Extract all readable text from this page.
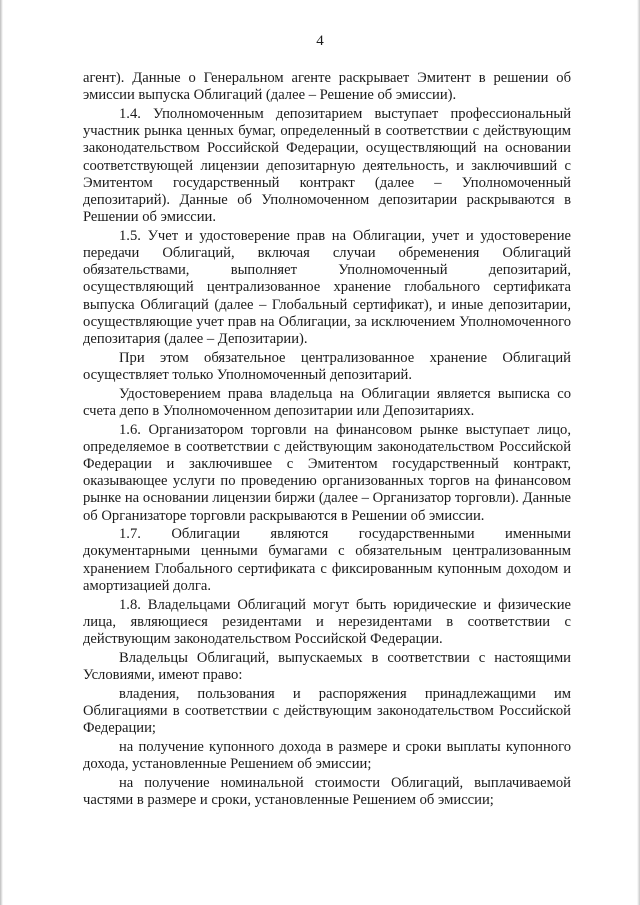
4

агент). Данные о Генеральном агенте раскрывает Эмитент в решении об эмиссии выпуска Облигаций (далее – Решение об эмиссии).

1.4. Уполномоченным депозитарием выступает профессиональный участник рынка ценных бумаг, определенный в соответствии с действующим законодательством Российской Федерации, осуществляющий на основании соответствующей лицензии депозитарную деятельность, и заключивший с Эмитентом государственный контракт (далее – Уполномоченный депозитарий). Данные об Уполномоченном депозитарии раскрываются в Решении об эмиссии.

1.5. Учет и удостоверение прав на Облигации, учет и удостоверение передачи Облигаций, включая случаи обременения Облигаций обязательствами, выполняет Уполномоченный депозитарий, осуществляющий централизованное хранение глобального сертификата выпуска Облигаций (далее – Глобальный сертификат), и иные депозитарии, осуществляющие учет прав на Облигации, за исключением Уполномоченного депозитария (далее – Депозитарии).

При этом обязательное централизованное хранение Облигаций осуществляет только Уполномоченный депозитарий.

Удостоверением права владельца на Облигации является выписка со счета депо в Уполномоченном депозитарии или Депозитариях.

1.6. Организатором торговли на финансовом рынке выступает лицо, определяемое в соответствии с действующим законодательством Российской Федерации и заключившее с Эмитентом государственный контракт, оказывающее услуги по проведению организованных торгов на финансовом рынке на основании лицензии биржи (далее – Организатор торговли). Данные об Организаторе торговли раскрываются в Решении об эмиссии.

1.7. Облигации являются государственными именными документарными ценными бумагами с обязательным централизованным хранением Глобального сертификата с фиксированным купонным доходом и амортизацией долга.

1.8. Владельцами Облигаций могут быть юридические и физические лица, являющиеся резидентами и нерезидентами в соответствии с действующим законодательством Российской Федерации.

Владельцы Облигаций, выпускаемых в соответствии с настоящими Условиями, имеют право:

владения, пользования и распоряжения принадлежащими им Облигациями в соответствии с действующим законодательством Российской Федерации;

на получение купонного дохода в размере и сроки выплаты купонного дохода, установленные Решением об эмиссии;

на получение номинальной стоимости Облигаций, выплачиваемой частями в размере и сроки, установленные Решением об эмиссии;
